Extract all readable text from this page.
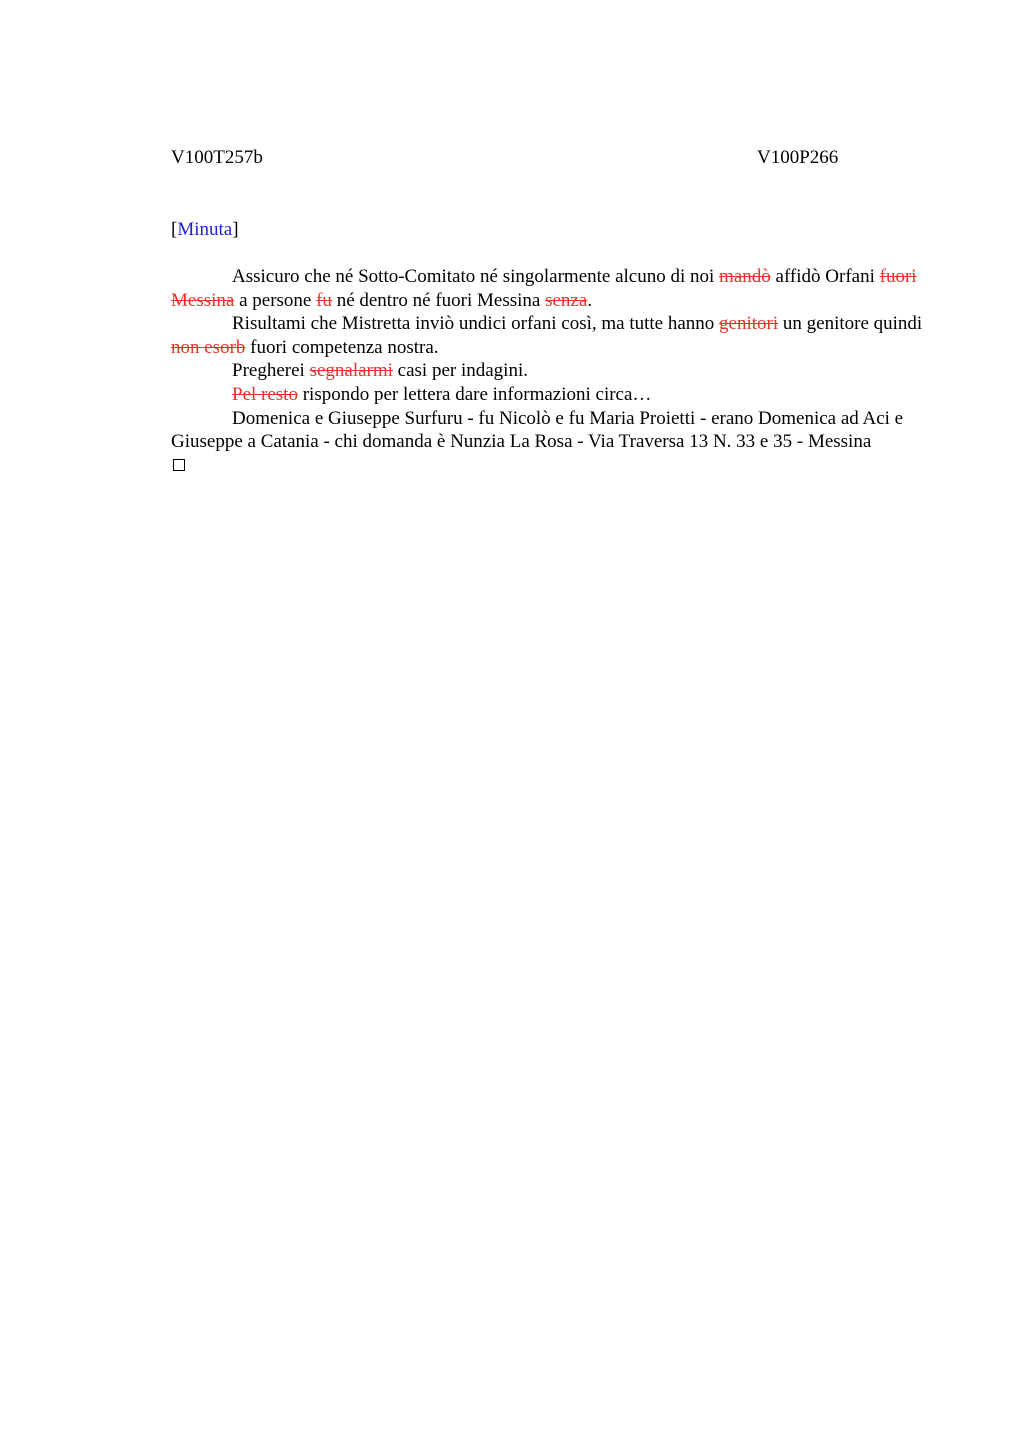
V100T257b	V100P266
[Minuta]

Assicuro che né Sotto-Comitato né singolarmente alcuno di noi mandò affidò Orfani fuori Messina a persone fu né dentro né fuori Messina senza.

Risultami che Mistretta inviò undici orfani così, ma tutte hanno genitori un genitore quindi non esorb fuori competenza nostra.

Pregherei segnalarmi casi per indagini.

Pel resto rispondo per lettera dare informazioni circa…

Domenica e Giuseppe Surfuru - fu Nicolò e fu Maria Proietti - erano Domenica ad Aci e Giuseppe a Catania - chi domanda è Nunzia La Rosa - Via Traversa 13 N. 33 e 35 - Messina
